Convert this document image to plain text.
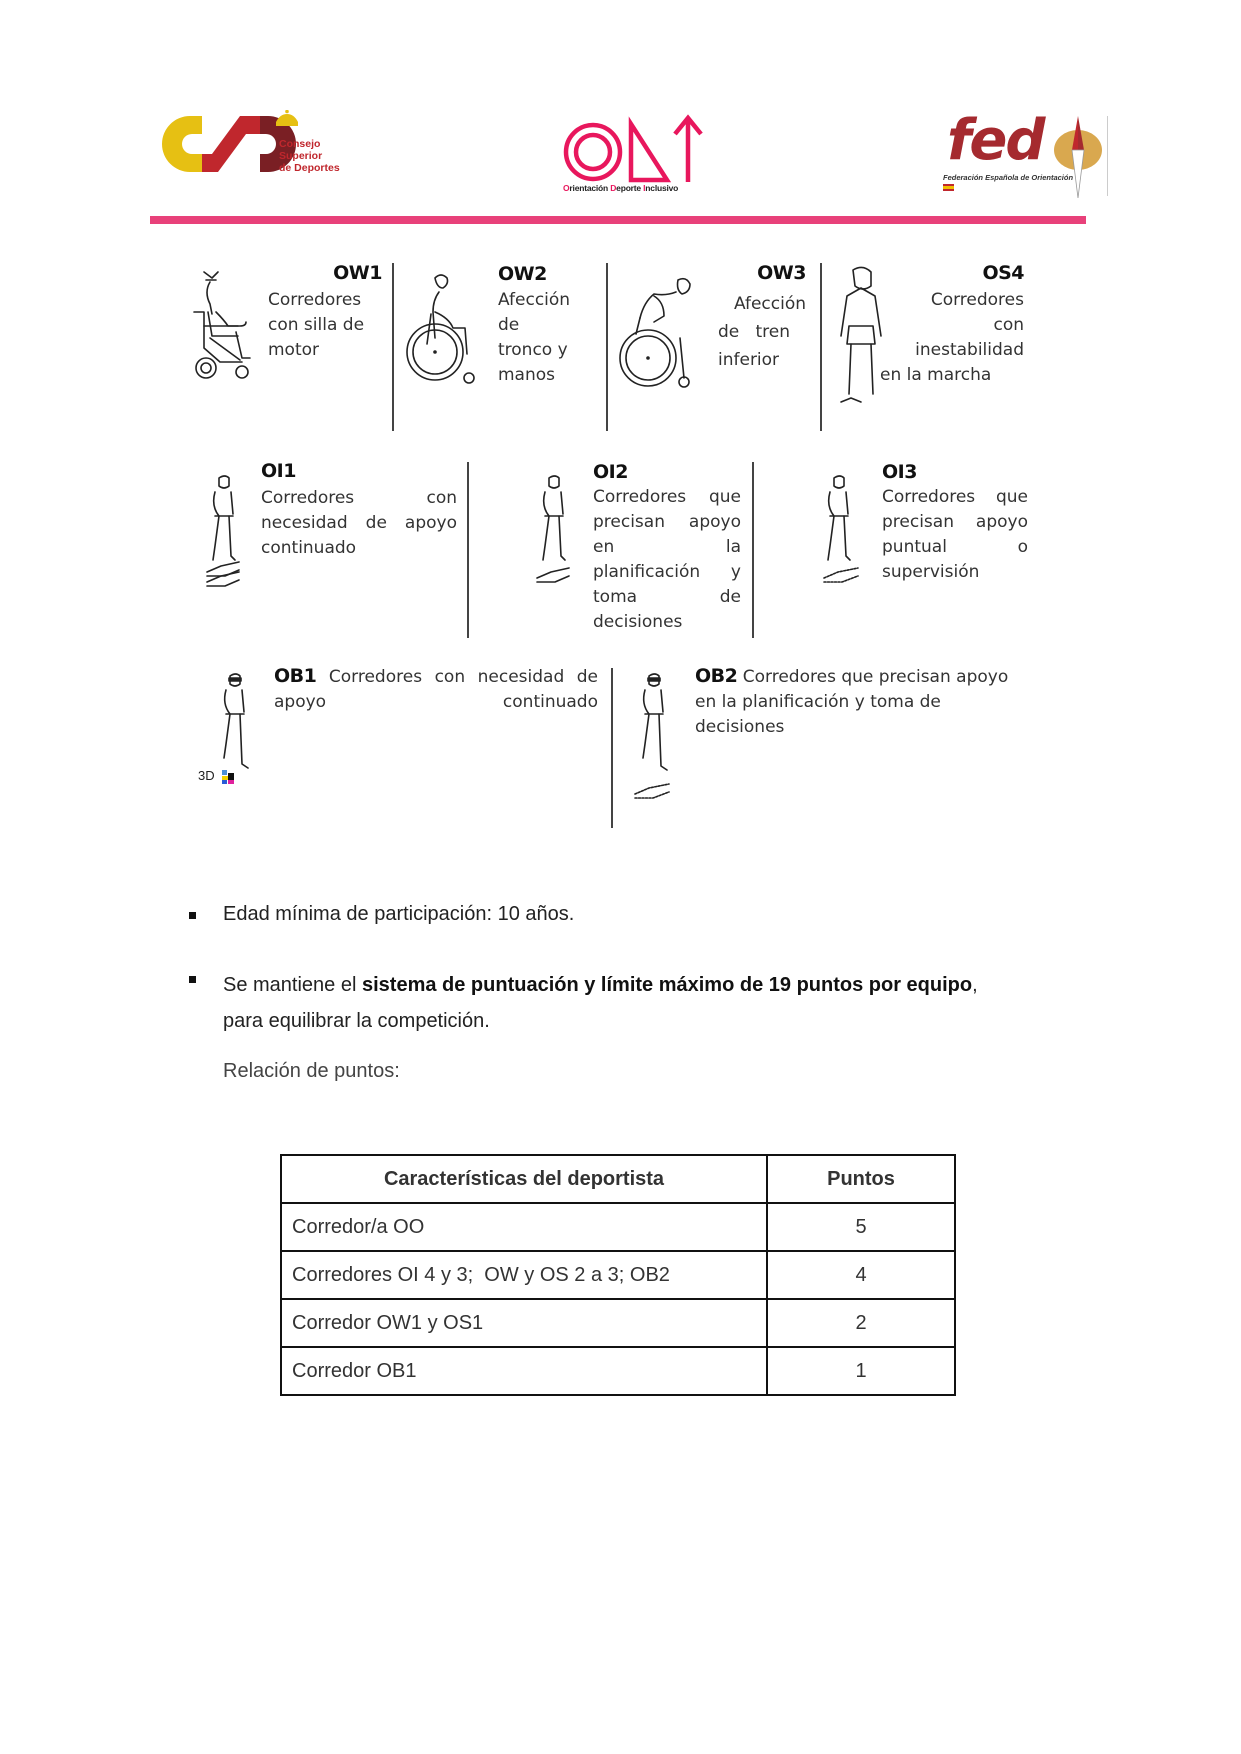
Consejo
Superior
de Deportes
Orientación Deporte Inclusivo
fed
Federación Española de Orientación
OW1
Corredores
con silla de
motor
OW2
Afección
de
tronco y
manos
OW3
Afección
de   tren
inferior
OS4
Corredores
con
inestabilidad
en la marcha
OI1
Corredores con
necesidad de apoyo
continuado
OI2
Corredores que
precisan apoyo
en la
planificación y
toma de
decisiones
OI3
Corredores que
precisan apoyo
puntual o
supervisión
3D
OB1 Corredores con necesidad de apoyo continuado
OB2 Corredores que precisan apoyo en la planificación y toma de decisiones
Edad mínima de participación: 10 años.
Se mantiene el sistema de puntuación y límite máximo de 19 puntos por equipo,
para equilibrar la competición.
Relación de puntos:
Características del deportista	Puntos
Corredor/a OO	5
Corredores OI 4 y 3;  OW y OS 2 a 3; OB2	4
Corredor OW1 y OS1	2
Corredor OB1	1
